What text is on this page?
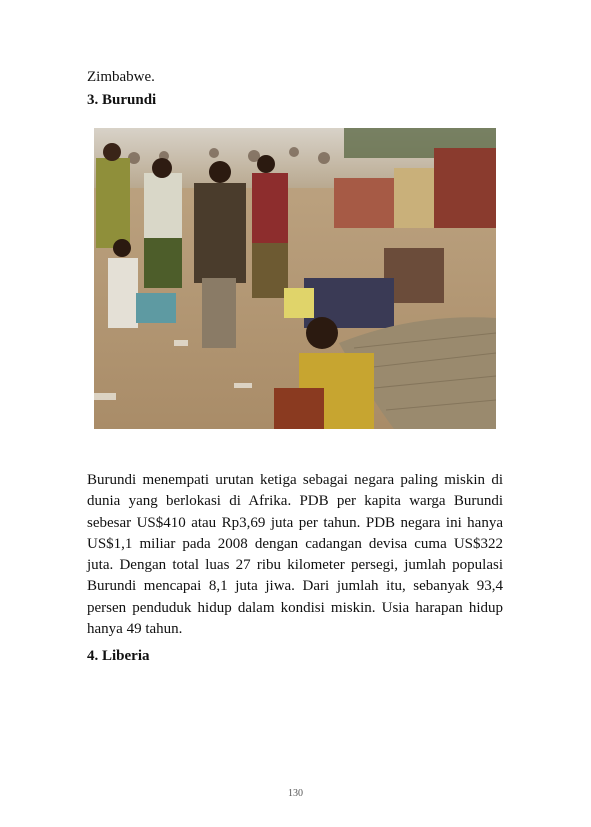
Zimbabwe.
3. Burundi
Burundi menempati urutan ketiga sebagai negara paling miskin di dunia yang berlokasi di Afrika. PDB per kapita warga Burundi sebesar US$410 atau Rp3,69 juta per tahun. PDB negara ini hanya US$1,1 miliar pada 2008 dengan cadangan devisa cuma US$322 juta. Dengan total luas 27 ribu kilometer persegi, jumlah populasi Burundi mencapai 8,1 juta jiwa. Dari jumlah itu, sebanyak 93,4 persen penduduk hidup dalam kondisi miskin. Usia harapan hidup hanya 49 tahun.
4. Liberia
130
